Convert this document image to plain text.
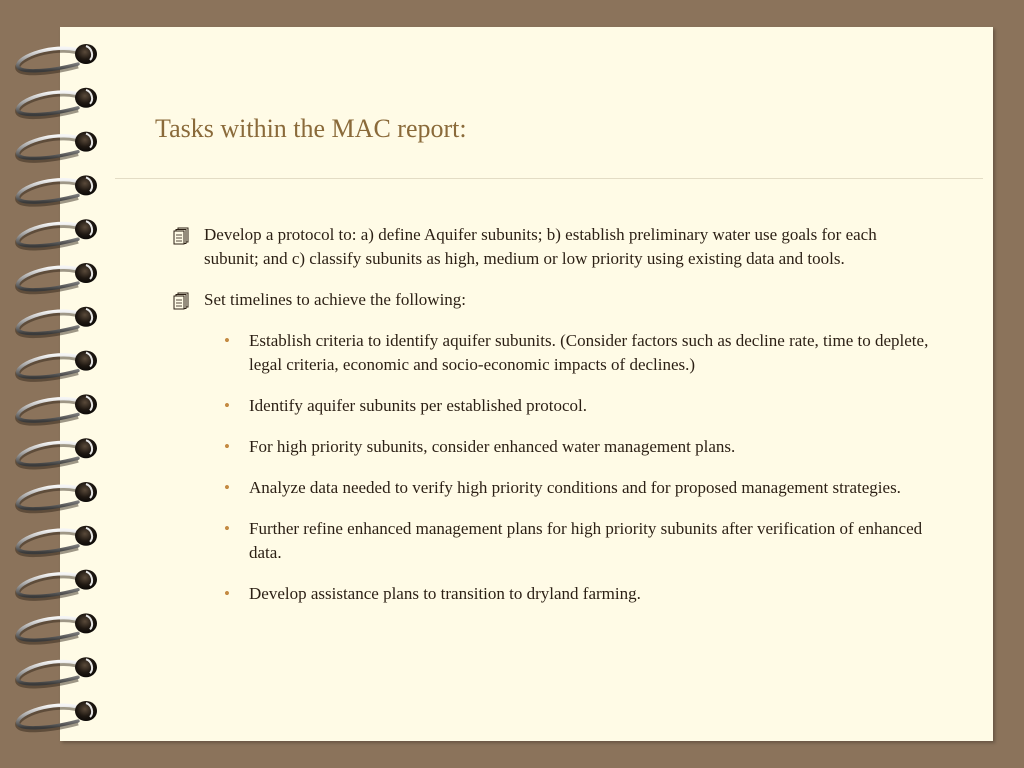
Tasks within the MAC report:
Develop a protocol to: a) define Aquifer subunits; b) establish preliminary water use goals for each subunit; and c) classify subunits as high, medium or low priority using existing data and tools.
Set timelines to achieve the following:
• Establish criteria to identify aquifer subunits. (Consider factors such as decline rate, time to deplete, legal criteria, economic and socio-economic impacts of declines.)
• Identify aquifer subunits per established protocol.
• For high priority subunits, consider enhanced water management plans.
• Analyze data needed to verify high priority conditions and for proposed management strategies.
• Further refine enhanced management plans for high priority subunits after verification of enhanced data.
• Develop assistance plans to transition to dryland farming.
